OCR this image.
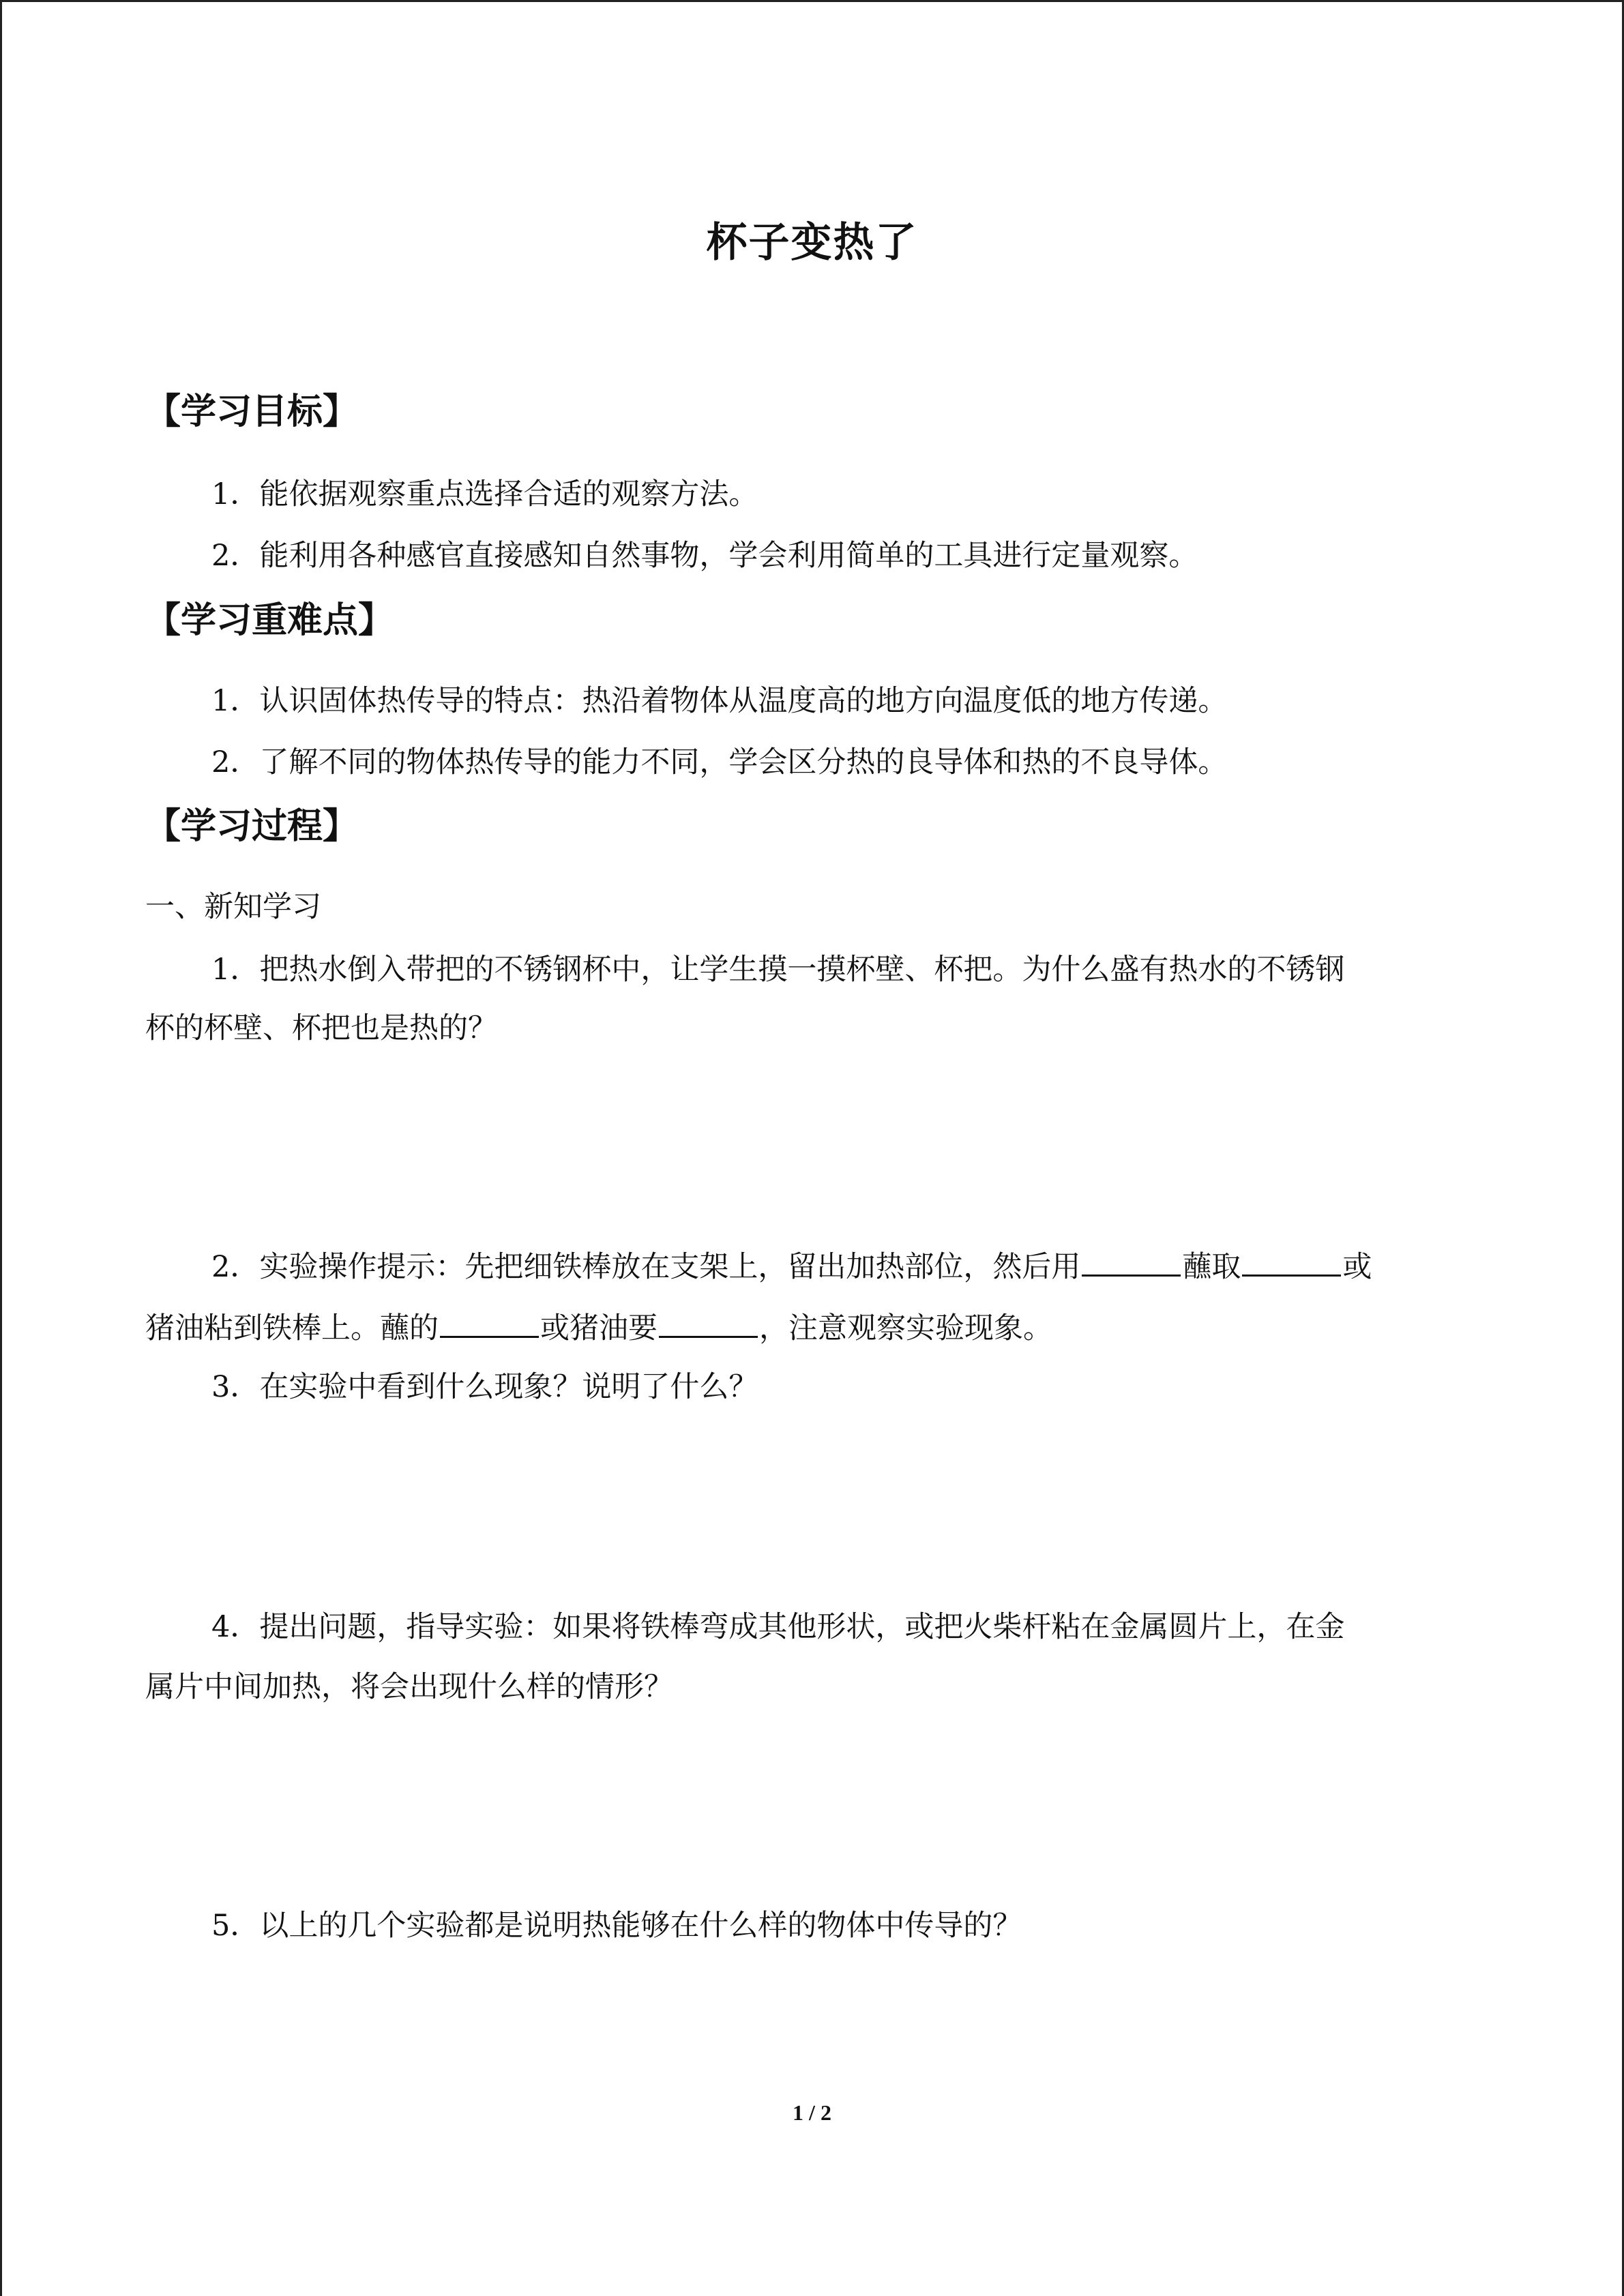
杯子变热了
【学习目标】
1．能依据观察重点选择合适的观察方法。
2．能利用各种感官直接感知自然事物，学会利用简单的工具进行定量观察。
【学习重难点】
1．认识固体热传导的特点：热沿着物体从温度高的地方向温度低的地方传递。
2．了解不同的物体热传导的能力不同，学会区分热的良导体和热的不良导体。
【学习过程】
一、新知学习
1．把热水倒入带把的不锈钢杯中，让学生摸一摸杯壁、杯把。为什么盛有热水的不锈钢
杯的杯壁、杯把也是热的？
2．实验操作提示：先把细铁棒放在支架上，留出加热部位，然后用	蘸取	或
猪油粘到铁棒上。蘸的	或猪油要	，注意观察实验现象。
3．在实验中看到什么现象？说明了什么？
4．提出问题，指导实验：如果将铁棒弯成其他形状，或把火柴杆粘在金属圆片上，在金
属片中间加热，将会出现什么样的情形？
5．以上的几个实验都是说明热能够在什么样的物体中传导的？
1 / 2
